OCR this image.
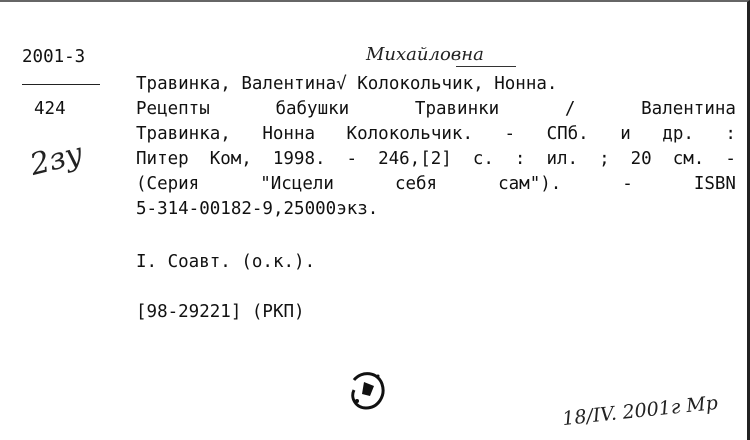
2001-3
424
Михайловна
2зу
Травинка, Валентина√ Колокольчик, Нонна.
Рецепты	бабушки	Травинки	/	Валентина
Травинка, Нонна Колокольчик. - СПб. и др. :
Питер Ком, 1998. - 246,[2] с. : ил. ; 20 см. -
(Серия	"Исцели	себя	сам").	-	ISBN
5-314-00182-9, 25000 экз.
I. Соавт. (о.к.).
[98-29221] (РКП)
18/IV. 2001г Мр
